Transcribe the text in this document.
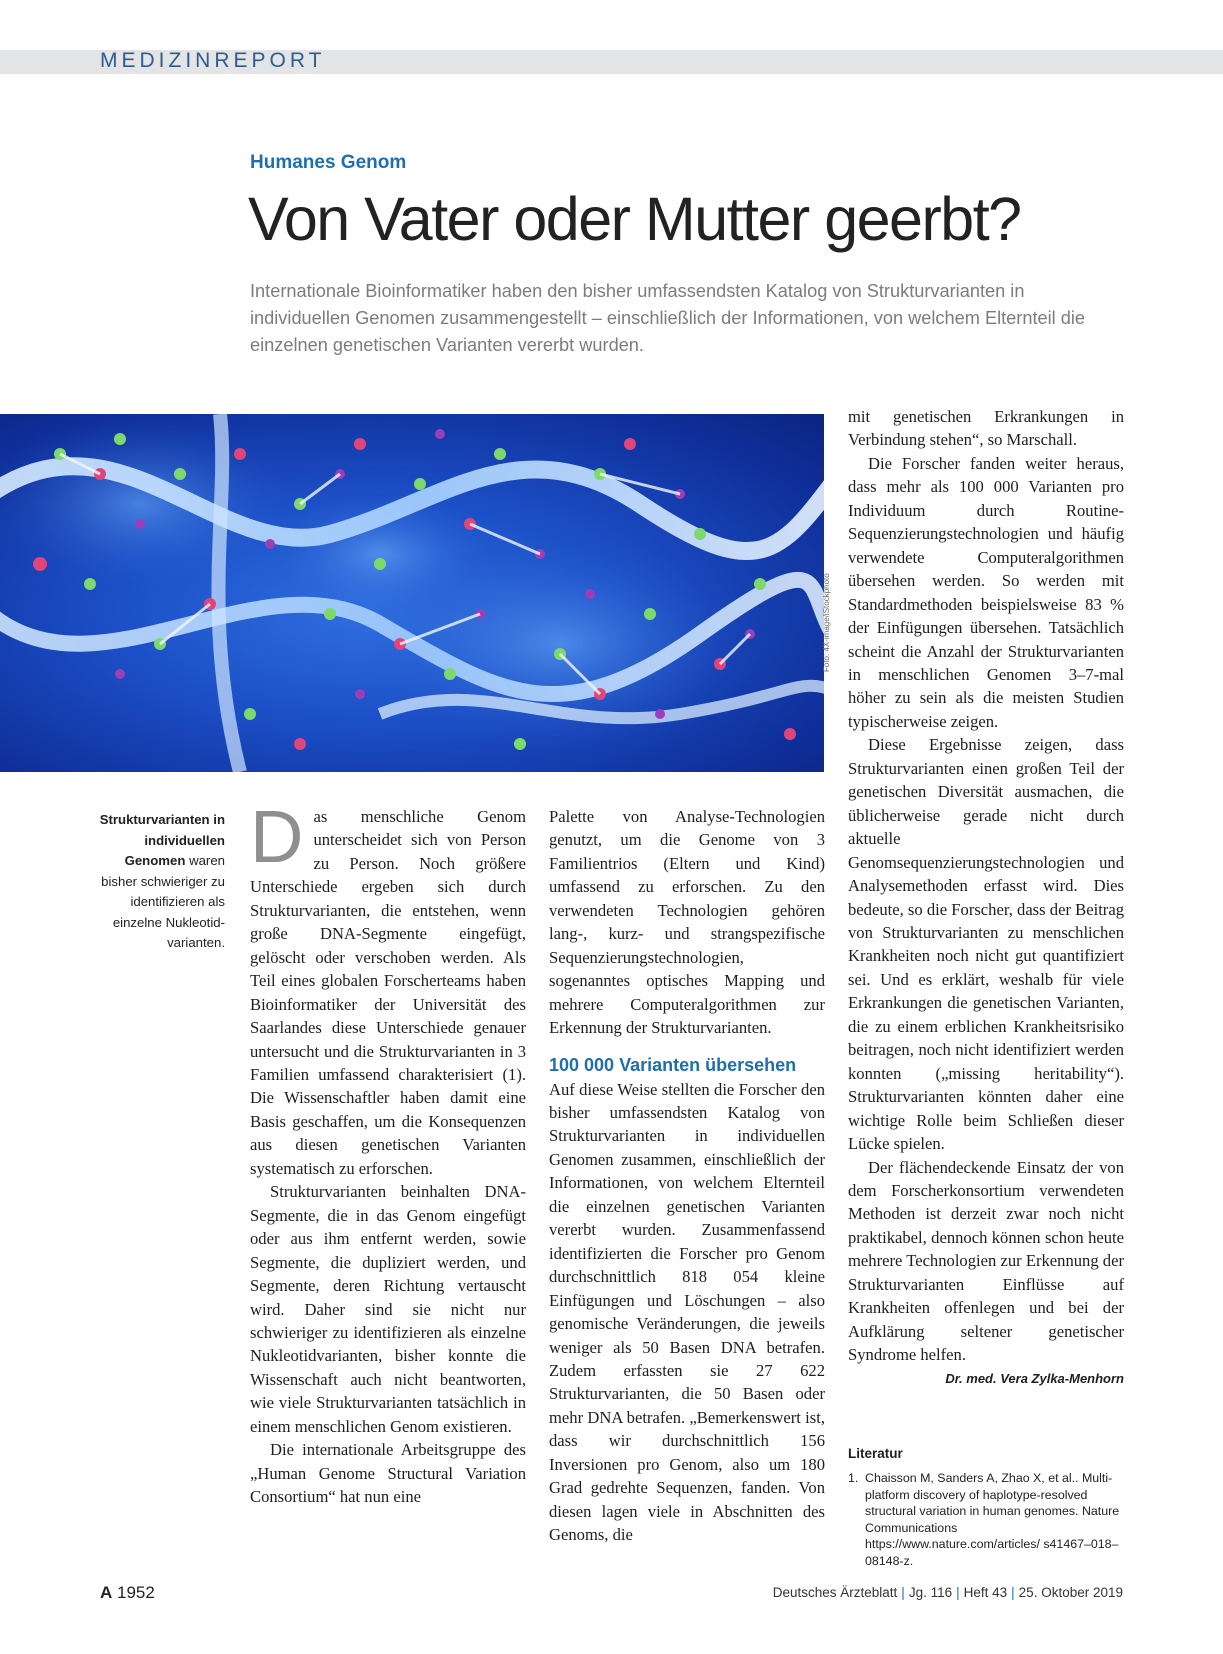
MEDIZINREPORT
Humanes Genom
Von Vater oder Mutter geerbt?
Internationale Bioinformatiker haben den bisher umfassendsten Katalog von Strukturvarianten in individuellen Genomen zusammengestellt – einschließlich der Informationen, von welchem Elternteil die einzelnen genetischen Varianten vererbt wurden.
Foto: 4X-image/iStockphoto
Strukturvarianten in individuellen Genomen waren bisher schwieriger zu identifizieren als einzelne Nukleotidvarianten.
D as menschliche Genom unterscheidet sich von Person zu Person. Noch größere Unterschiede ergeben sich durch Strukturvarianten, die entstehen, wenn große DNA-Segmente eingefügt, gelöscht oder verschoben werden. Als Teil eines globalen Forscherteams haben Bioinformatiker der Universität des Saarlandes diese Unterschiede genauer untersucht und die Strukturvarianten in 3 Familien umfassend charakterisiert (1). Die Wissenschaftler haben damit eine Basis geschaffen, um die Konsequenzen aus diesen genetischen Varianten systematisch zu erforschen.

Strukturvarianten beinhalten DNA-Segmente, die in das Genom eingefügt oder aus ihm entfernt werden, sowie Segmente, die dupliziert werden, und Segmente, deren Richtung vertauscht wird. Daher sind sie nicht nur schwieriger zu identifizieren als einzelne Nukleotidvarianten, bisher konnte die Wissenschaft auch nicht beantworten, wie viele Strukturvarianten tatsächlich in einem menschlichen Genom existieren.

Die internationale Arbeitsgruppe des „Human Genome Structural Variation Consortium“ hat nun eine

Palette von Analyse-Technologien genutzt, um die Genome von 3 Familientrios (Eltern und Kind) umfassend zu erforschen. Zu den verwendeten Technologien gehören lang-, kurz- und strangspezifische Sequenzierungstechnologien, sogenanntes optisches Mapping und mehrere Computeralgorithmen zur Erkennung der Strukturvarianten.

100 000 Varianten übersehen

Auf diese Weise stellten die Forscher den bisher umfassendsten Katalog von Strukturvarianten in individuellen Genomen zusammen, einschließlich der Informationen, von welchem Elternteil die einzelnen genetischen Varianten vererbt wurden. Zusammenfassend identifizierten die Forscher pro Genom durchschnittlich 818 054 kleine Einfügungen und Löschungen – also genomische Veränderungen, die jeweils weniger als 50 Basen DNA betrafen. Zudem erfassten sie 27 622 Strukturvarianten, die 50 Basen oder mehr DNA betrafen. „Bemerkenswert ist, dass wir durchschnittlich 156 Inversionen pro Genom, also um 180 Grad gedrehte Sequenzen, fanden. Von diesen lagen viele in Abschnitten des Genoms, die

mit genetischen Erkrankungen in Verbindung stehen“, so Marschall.

Die Forscher fanden weiter heraus, dass mehr als 100 000 Varianten pro Individuum durch Routine-Sequenzierungstechnologien und häufig verwendete Computeralgorithmen übersehen werden. So werden mit Standardmethoden beispielsweise 83 % der Einfügungen übersehen. Tatsächlich scheint die Anzahl der Strukturvarianten in menschlichen Genomen 3–7-mal höher zu sein als die meisten Studien typischerweise zeigen.

Diese Ergebnisse zeigen, dass Strukturvarianten einen großen Teil der genetischen Diversität ausmachen, die üblicherweise gerade nicht durch aktuelle Genomsequenzierungstechnologien und Analysemethoden erfasst wird. Dies bedeute, so die Forscher, dass der Beitrag von Strukturvarianten zu menschlichen Krankheiten noch nicht gut quantifiziert sei. Und es erklärt, weshalb für viele Erkrankungen die genetischen Varianten, die zu einem erblichen Krankheitsrisiko beitragen, noch nicht identifiziert werden konnten („missing heritability“). Strukturvarianten könnten daher eine wichtige Rolle beim Schließen dieser Lücke spielen.

Der flächendeckende Einsatz der von dem Forscherkonsortium verwendeten Methoden ist derzeit zwar noch nicht praktikabel, dennoch können schon heute mehrere Technologien zur Erkennung der Strukturvarianten Einflüsse auf Krankheiten offenlegen und bei der Aufklärung seltener genetischer Syndrome helfen.
Dr. med. Vera Zylka-Menhorn

Literatur
1. Chaisson M, Sanders A, Zhao X, et al.. Multi-platform discovery of haplotype-resolved structural variation in human genomes. Nature Communications https://www.nature.com/articles/ s41467–018–08148-z.
A 1952	Deutsches Ärzteblatt | Jg. 116 | Heft 43 | 25. Oktober 2019
